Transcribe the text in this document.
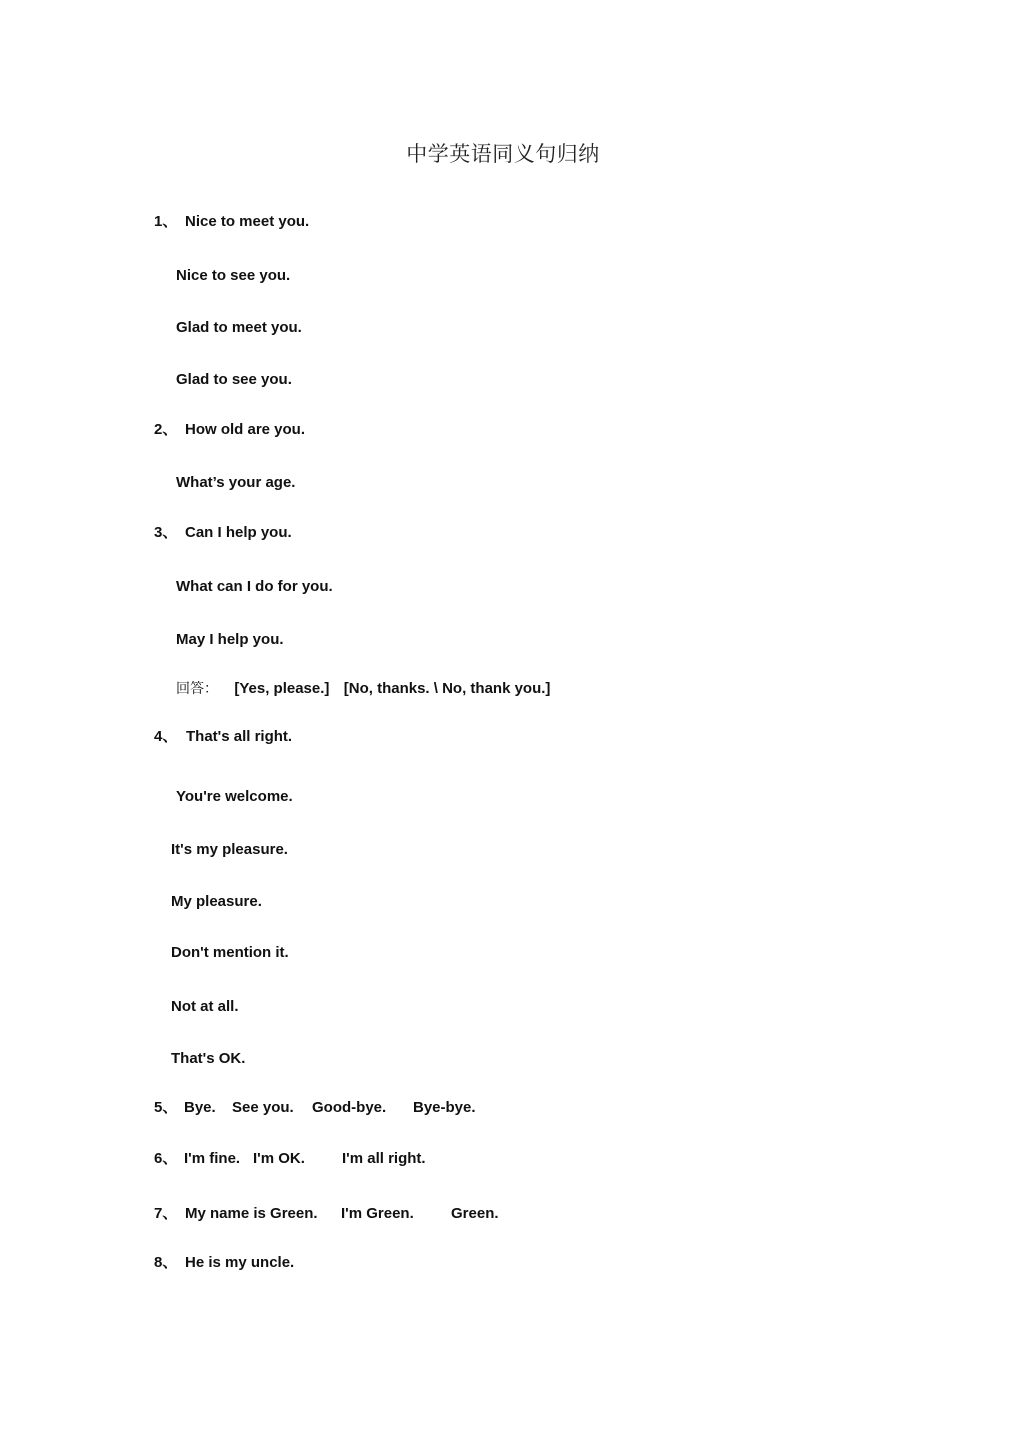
中学英语同义句归纳
1、 Nice to meet you.
Nice to see you.
Glad to meet you.
Glad to see you.
2、 How old are you.
What’s your age.
3、 Can I help you.
What can I do for you.
May I help you.
回答： [Yes, please.] [No, thanks. \ No, thank you.]
4、 That's all right.
You're welcome.
It's my pleasure.
My pleasure.
Don't mention it.
Not at all.
That's OK.
5、 Bye. See you. Good-bye. Bye-bye.
6、 I'm fine. I'm OK. I'm all right.
7、 My name is Green. I'm Green. Green.
8、 He is my uncle.
